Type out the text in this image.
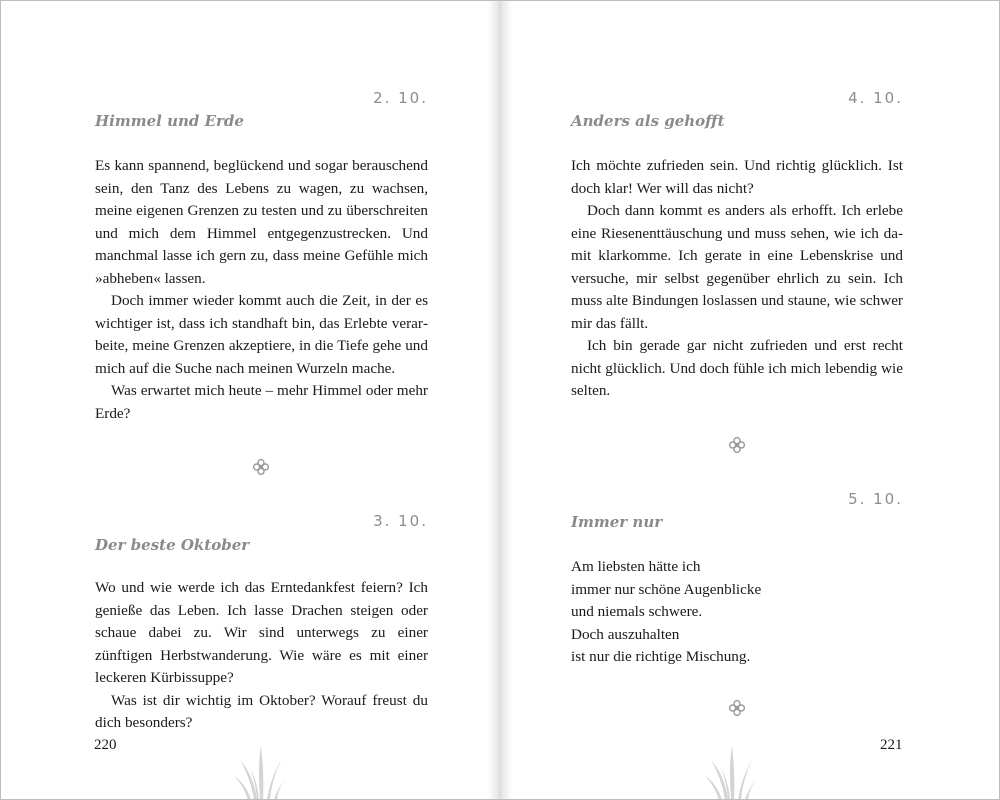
2. 10.
Himmel und Erde

Es kann spannend, beglückend und sogar berauschend sein, den Tanz des Lebens zu wagen, zu wachsen, meine eigenen Grenzen zu testen und zu überschreiten und mich dem Himmel entgegenzustrecken. Und manchmal lasse ich gern zu, dass meine Gefühle mich »abheben« lassen.

Doch immer wieder kommt auch die Zeit, in der es wichtiger ist, dass ich standhaft bin, das Erlebte verarbeite, meine Grenzen akzeptiere, in die Tiefe gehe und mich auf die Suche nach meinen Wurzeln mache.

Was erwartet mich heute – mehr Himmel oder mehr Erde?

3. 10.
Der beste Oktober

Wo und wie werde ich das Erntedankfest feiern? Ich genieße das Leben. Ich lasse Drachen steigen oder schaue dabei zu. Wir sind unterwegs zu einer zünftigen Herbstwanderung. Wie wäre es mit einer leckeren Kürbissuppe?

Was ist dir wichtig im Oktober? Worauf freust du dich besonders?

220
4. 10.
Anders als gehofft

Ich möchte zufrieden sein. Und richtig glücklich. Ist doch klar! Wer will das nicht?

Doch dann kommt es anders als erhofft. Ich erlebe eine Riesenenttäuschung und muss sehen, wie ich damit klarkomme. Ich gerate in eine Lebenskrise und versuche, mir selbst gegenüber ehrlich zu sein. Ich muss alte Bindungen loslassen und staune, wie schwer mir das fällt.

Ich bin gerade gar nicht zufrieden und erst recht nicht glücklich. Und doch fühle ich mich lebendig wie selten.

5. 10.
Immer nur
Am liebsten hätte ich
immer nur schöne Augenblicke
und niemals schwere.
Doch auszuhalten
ist nur die richtige Mischung.
221
